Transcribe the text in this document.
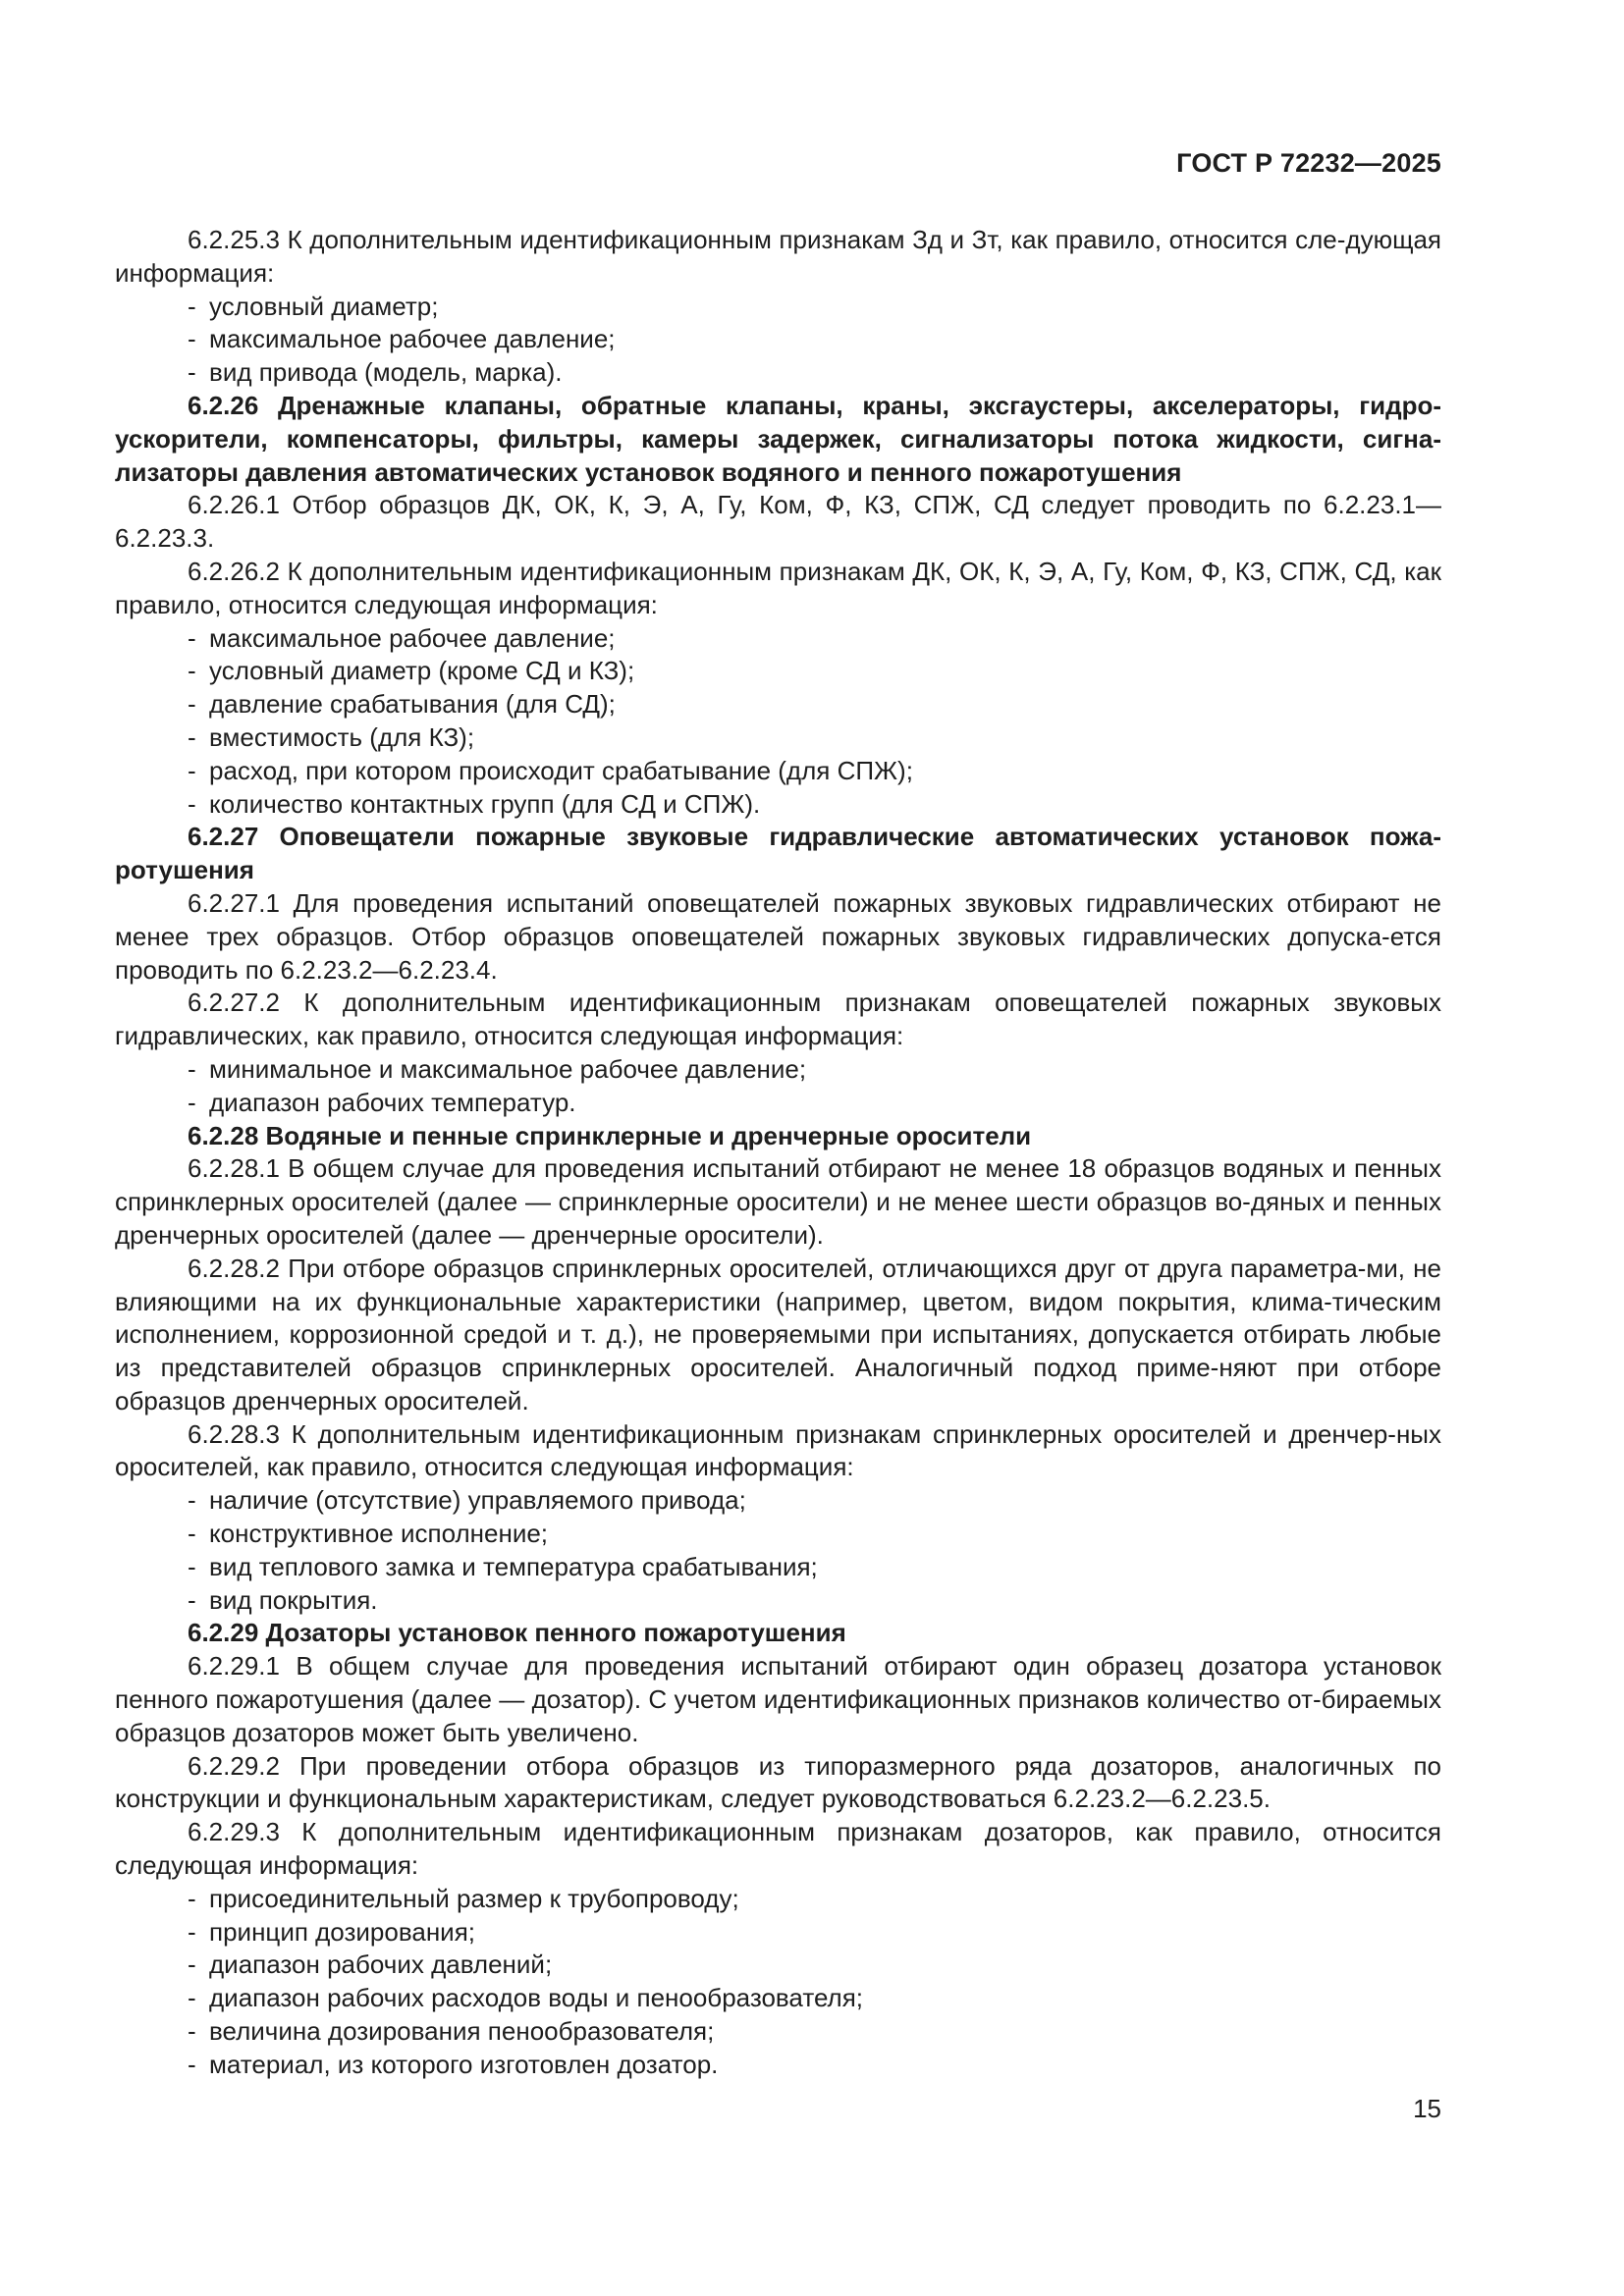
ГОСТ Р 72232—2025
6.2.25.3 К дополнительным идентификационным признакам Зд и Зт, как правило, относится сле-дующая информация:
- условный диаметр;
- максимальное рабочее давление;
- вид привода (модель, марка).
6.2.26 Дренажные клапаны, обратные клапаны, краны, эксгаустеры, акселераторы, гидро-ускорители, компенсаторы, фильтры, камеры задержек, сигнализаторы потока жидкости, сигна-лизаторы давления автоматических установок водяного и пенного пожаротушения
6.2.26.1 Отбор образцов ДК, ОК, К, Э, А, Гу, Ком, Ф, КЗ, СПЖ, СД следует проводить по 6.2.23.1—6.2.23.3.
6.2.26.2 К дополнительным идентификационным признакам ДК, ОК, К, Э, А, Гу, Ком, Ф, КЗ, СПЖ, СД, как правило, относится следующая информация:
- максимальное рабочее давление;
- условный диаметр (кроме СД и КЗ);
- давление срабатывания (для СД);
- вместимость (для КЗ);
- расход, при котором происходит срабатывание (для СПЖ);
- количество контактных групп (для СД и СПЖ).
6.2.27 Оповещатели пожарные звуковые гидравлические автоматических установок пожа-ротушения
6.2.27.1 Для проведения испытаний оповещателей пожарных звуковых гидравлических отбирают не менее трех образцов. Отбор образцов оповещателей пожарных звуковых гидравлических допуска-ется проводить по 6.2.23.2—6.2.23.4.
6.2.27.2 К дополнительным идентификационным признакам оповещателей пожарных звуковых гидравлических, как правило, относится следующая информация:
- минимальное и максимальное рабочее давление;
- диапазон рабочих температур.
6.2.28 Водяные и пенные спринклерные и дренчерные оросители
6.2.28.1 В общем случае для проведения испытаний отбирают не менее 18 образцов водяных и пенных спринклерных оросителей (далее — спринклерные оросители) и не менее шести образцов во-дяных и пенных дренчерных оросителей (далее — дренчерные оросители).
6.2.28.2 При отборе образцов спринклерных оросителей, отличающихся друг от друга параметра-ми, не влияющими на их функциональные характеристики (например, цветом, видом покрытия, клима-тическим исполнением, коррозионной средой и т. д.), не проверяемыми при испытаниях, допускается отбирать любые из представителей образцов спринклерных оросителей. Аналогичный подход приме-няют при отборе образцов дренчерных оросителей.
6.2.28.3 К дополнительным идентификационным признакам спринклерных оросителей и дренчер-ных оросителей, как правило, относится следующая информация:
- наличие (отсутствие) управляемого привода;
- конструктивное исполнение;
- вид теплового замка и температура срабатывания;
- вид покрытия.
6.2.29 Дозаторы установок пенного пожаротушения
6.2.29.1 В общем случае для проведения испытаний отбирают один образец дозатора установок пенного пожаротушения (далее — дозатор). С учетом идентификационных признаков количество от-бираемых образцов дозаторов может быть увеличено.
6.2.29.2 При проведении отбора образцов из типоразмерного ряда дозаторов, аналогичных по конструкции и функциональным характеристикам, следует руководствоваться 6.2.23.2—6.2.23.5.
6.2.29.3 К дополнительным идентификационным признакам дозаторов, как правило, относится следующая информация:
- присоединительный размер к трубопроводу;
- принцип дозирования;
- диапазон рабочих давлений;
- диапазон рабочих расходов воды и пенообразователя;
- величина дозирования пенообразователя;
- материал, из которого изготовлен дозатор.
15
